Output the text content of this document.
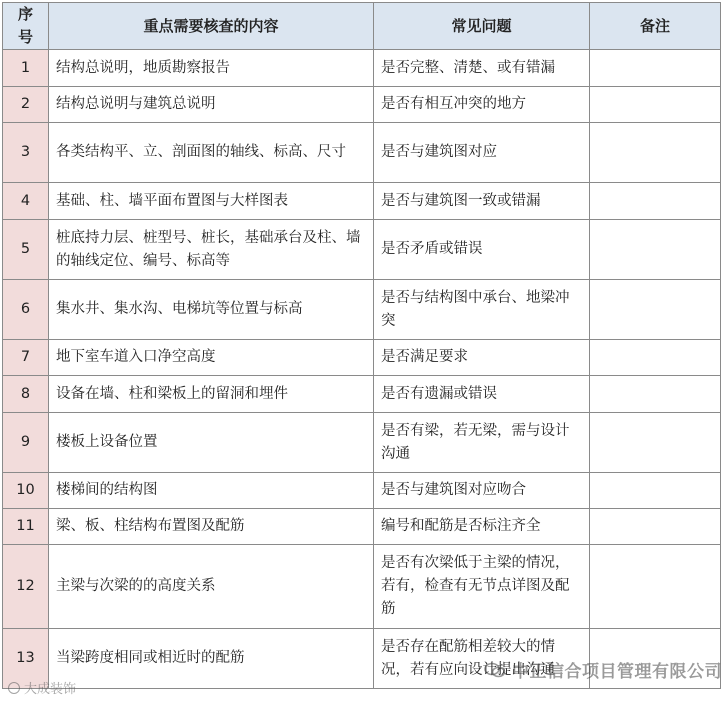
序
号	重点需要核查的内容	常见问题	备注
1	结构总说明，地质勘察报告	是否完整、清楚、或有错漏	
2	结构总说明与建筑总说明	是否有相互冲突的地方	
3	各类结构平、立、剖面图的轴线、标高、尺寸	是否与建筑图对应	
4	基础、柱、墙平面布置图与大样图表	是否与建筑图一致或错漏	
5	桩底持力层、桩型号、桩长，基础承台及柱、墙的轴线定位、编号、标高等	是否矛盾或错误	
6	集水井、集水沟、电梯坑等位置与标高	是否与结构图中承台、地梁冲突	
7	地下室车道入口净空高度	是否满足要求	
8	设备在墙、柱和梁板上的留洞和埋件	是否有遗漏或错误	
9	楼板上设备位置	是否有梁，若无梁，需与设计沟通	
10	楼梯间的结构图	是否与建筑图对应吻合	
11	梁、板、柱结构布置图及配筋	编号和配筋是否标注齐全	
12	主梁与次梁的的高度关系	是否有次梁低于主梁的情况，若有，检查有无节点详图及配筋	
13	当梁跨度相同或相近时的配筋	是否存在配筋相差较大的情况，若有应向设计提出沟通	
大成装饰
中正信合项目管理有限公司
